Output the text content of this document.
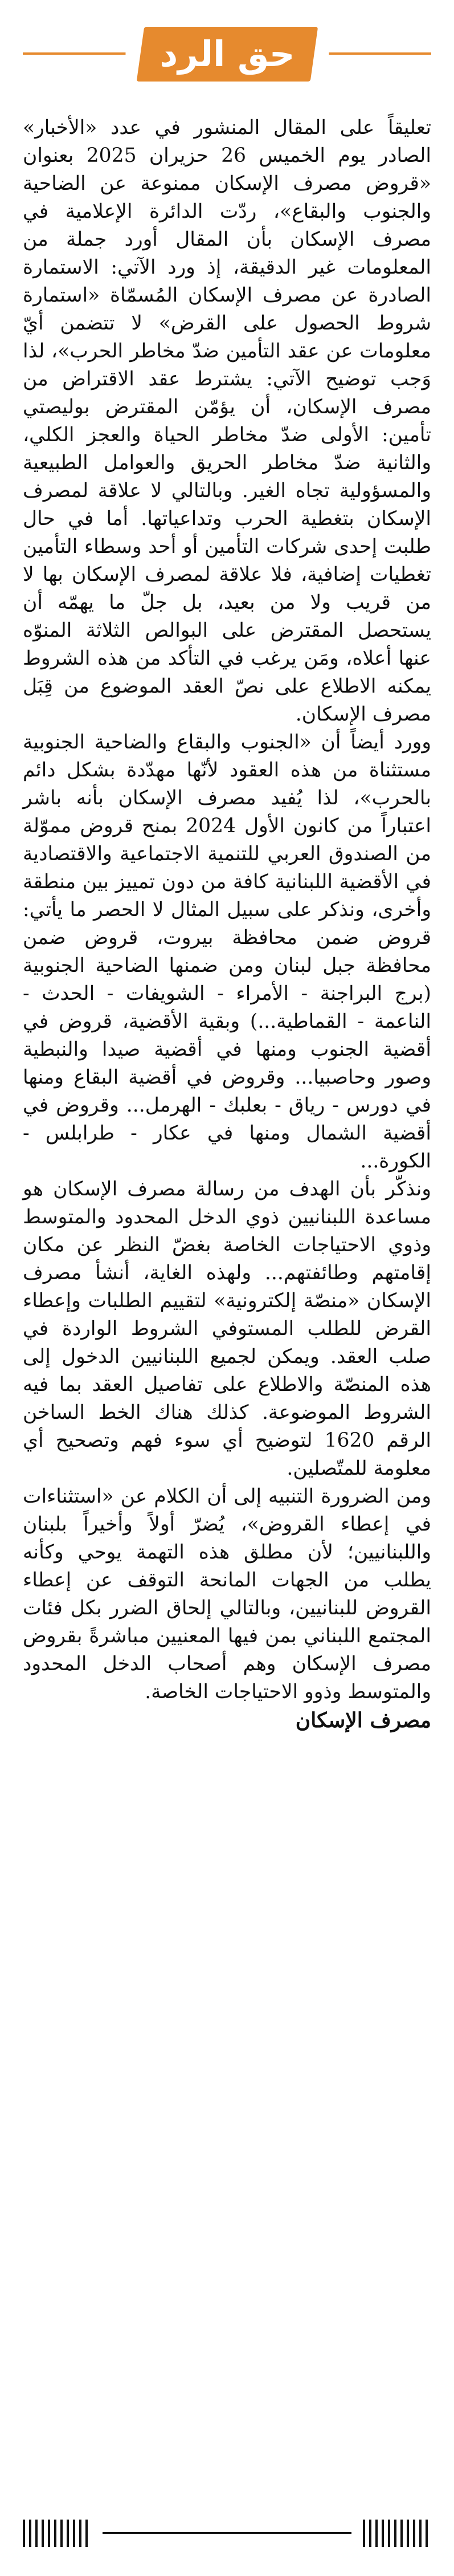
حق الرد

تعليقاً على المقال المنشور في عدد «الأخبار» الصادر يوم الخميس 26 حزيران 2025 بعنوان «قروض مصرف الإسكان ممنوعة عن الضاحية والجنوب والبقاع»، ردّت الدائرة الإعلامية في مصرف الإسكان بأن المقال أورد جملة من المعلومات غير الدقيقة، إذ ورد الآتي: الاستمارة الصادرة عن مصرف الإسكان المُسمّاة «استمارة شروط الحصول على القرض» لا تتضمن أيّ معلومات عن عقد التأمين ضدّ مخاطر الحرب»، لذا وَجب توضيح الآتي: يشترط عقد الاقتراض من مصرف الإسكان، أن يؤمّن المقترض بوليصتي تأمين: الأولى ضدّ مخاطر الحياة والعجز الكلي، والثانية ضدّ مخاطر الحريق والعوامل الطبيعية والمسؤولية تجاه الغير. وبالتالي لا علاقة لمصرف الإسكان بتغطية الحرب وتداعياتها. أما في حال طلبت إحدى شركات التأمين أو أحد وسطاء التأمين تغطيات إضافية، فلا علاقة لمصرف الإسكان بها لا من قريب ولا من بعيد، بل جلّ ما يهمّه أن يستحصل المقترض على البوالص الثلاثة المنوّه عنها أعلاه، ومَن يرغب في التأكد من هذه الشروط يمكنه الاطلاع على نصّ العقد الموضوع من قِبَل مصرف الإسكان.

وورد أيضاً أن «الجنوب والبقاع والضاحية الجنوبية مستثناة من هذه العقود لأنّها مهدّدة بشكل دائم بالحرب»، لذا يُفيد مصرف الإسكان بأنه باشر اعتباراً من كانون الأول 2024 بمنح قروض مموّلة من الصندوق العربي للتنمية الاجتماعية والاقتصادية في الأقضية اللبنانية كافة من دون تمييز بين منطقة وأخرى، ونذكر على سبيل المثال لا الحصر ما يأتي: قروض ضمن محافظة بيروت، قروض ضمن محافظة جبل لبنان ومن ضمنها الضاحية الجنوبية (برج البراجنة - الأمراء - الشويفات - الحدث - الناعمة - القماطية...) وبقية الأقضية، قروض في أقضية الجنوب ومنها في أقضية صيدا والنبطية وصور وحاصبيا... وقروض في أقضية البقاع ومنها في دورس - رياق - بعلبك - الهرمل... وقروض في أقضية الشمال ومنها في عكار - طرابلس - الكورة...

ونذكّر بأن الهدف من رسالة مصرف الإسكان هو مساعدة اللبنانيين ذوي الدخل المحدود والمتوسط وذوي الاحتياجات الخاصة بغضّ النظر عن مكان إقامتهم وطائفتهم... ولهذه الغاية، أنشأ مصرف الإسكان «منصّة إلكترونية» لتقييم الطلبات وإعطاء القرض للطلب المستوفي الشروط الواردة في صلب العقد. ويمكن لجميع اللبنانيين الدخول إلى هذه المنصّة والاطلاع على تفاصيل العقد بما فيه الشروط الموضوعة. كذلك هناك الخط الساخن الرقم 1620 لتوضيح أي سوء فهم وتصحيح أي معلومة للمتّصلين.

ومن الضرورة التنبيه إلى أن الكلام عن «استثناءات في إعطاء القروض»، يُضرّ أولاً وأخيراً بلبنان واللبنانيين؛ لأن مطلق هذه التهمة يوحي وكأنه يطلب من الجهات المانحة التوقف عن إعطاء القروض للبنانيين، وبالتالي إلحاق الضرر بكل فئات المجتمع اللبناني بمن فيها المعنيين مباشرةً بقروض مصرف الإسكان وهم أصحاب الدخل المحدود والمتوسط وذوو الاحتياجات الخاصة.

مصرف الإسكان
